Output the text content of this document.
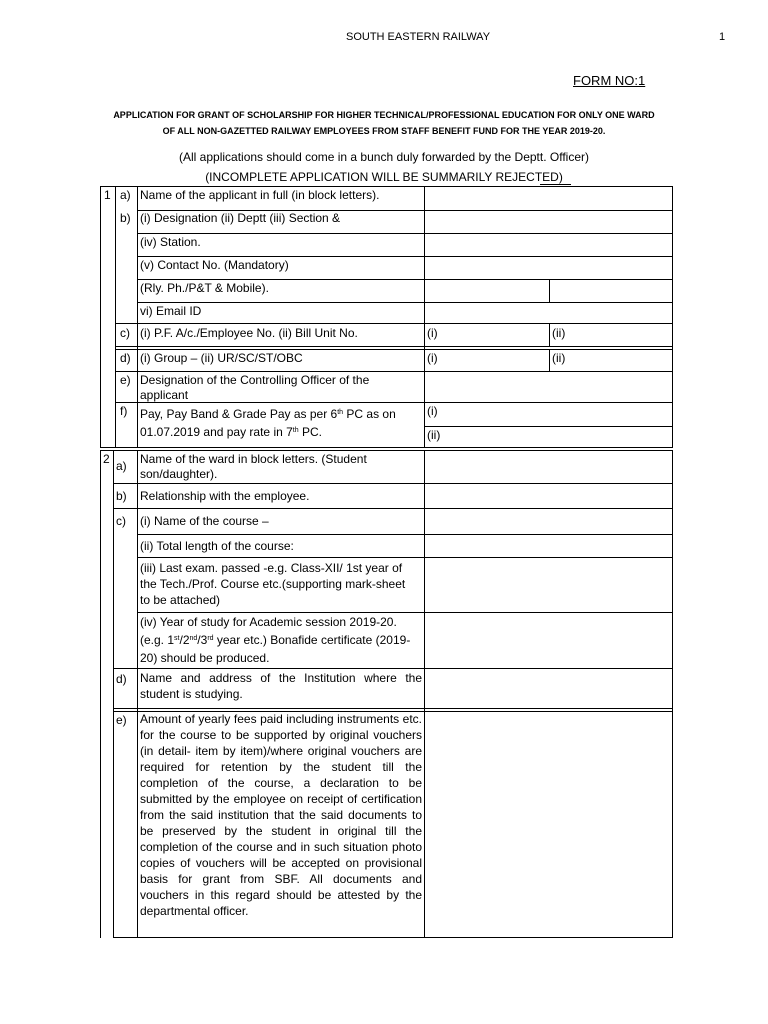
SOUTH EASTERN RAILWAY	1
FORM NO:1
APPLICATION FOR GRANT OF SCHOLARSHIP FOR HIGHER TECHNICAL/PROFESSIONAL EDUCATION FOR ONLY ONE WARD
OF ALL NON-GAZETTED RAILWAY EMPLOYEES FROM STAFF BENEFIT FUND FOR THE YEAR 2019-20.
(All applications should come in a bunch duly forwarded by the Deptt. Officer)
(INCOMPLETE APPLICATION WILL BE SUMMARILY REJECTED)
1 a) Name of the applicant in full (in block letters).
b) (i) Designation (ii) Deptt (iii) Section &
(iv) Station.
(v) Contact No. (Mandatory)
(Rly. Ph./P&T & Mobile).
vi) Email ID
c) (i) P.F. A/c./Employee No. (ii) Bill Unit No.	(i)	(ii)
d) (i) Group – (ii) UR/SC/ST/OBC	(i)	(ii)
e) Designation of the Controlling Officer of the
applicant
f) Pay, Pay Band & Grade Pay as per 6th PC as on
01.07.2019 and pay rate in 7th PC.
(i)
(ii)
2 a) Name of the ward in block letters. (Student
son/daughter).
b) Relationship with the employee.
c) (i) Name of the course –
(ii) Total length of the course:
(iii) Last exam. passed -e.g. Class-XII/ 1st year of
the Tech./Prof. Course etc.(supporting mark-sheet
to be attached)
(iv) Year of study for Academic session 2019-20.
(e.g. 1st/2nd/3rd year etc.) Bonafide certificate (2019-
20) should be produced.
d) Name and address of the Institution where the student is studying.
e) Amount of yearly fees paid including instruments etc. for the course to be supported by original vouchers (in detail- item by item)/where original vouchers are required for retention by the student till the completion of the course, a declaration to be submitted by the employee on receipt of certification from the said institution that the said documents to be preserved by the student in original till the completion of the course and in such situation photo copies of vouchers will be accepted on provisional basis for grant from SBF. All documents and vouchers in this regard should be attested by the departmental officer.
